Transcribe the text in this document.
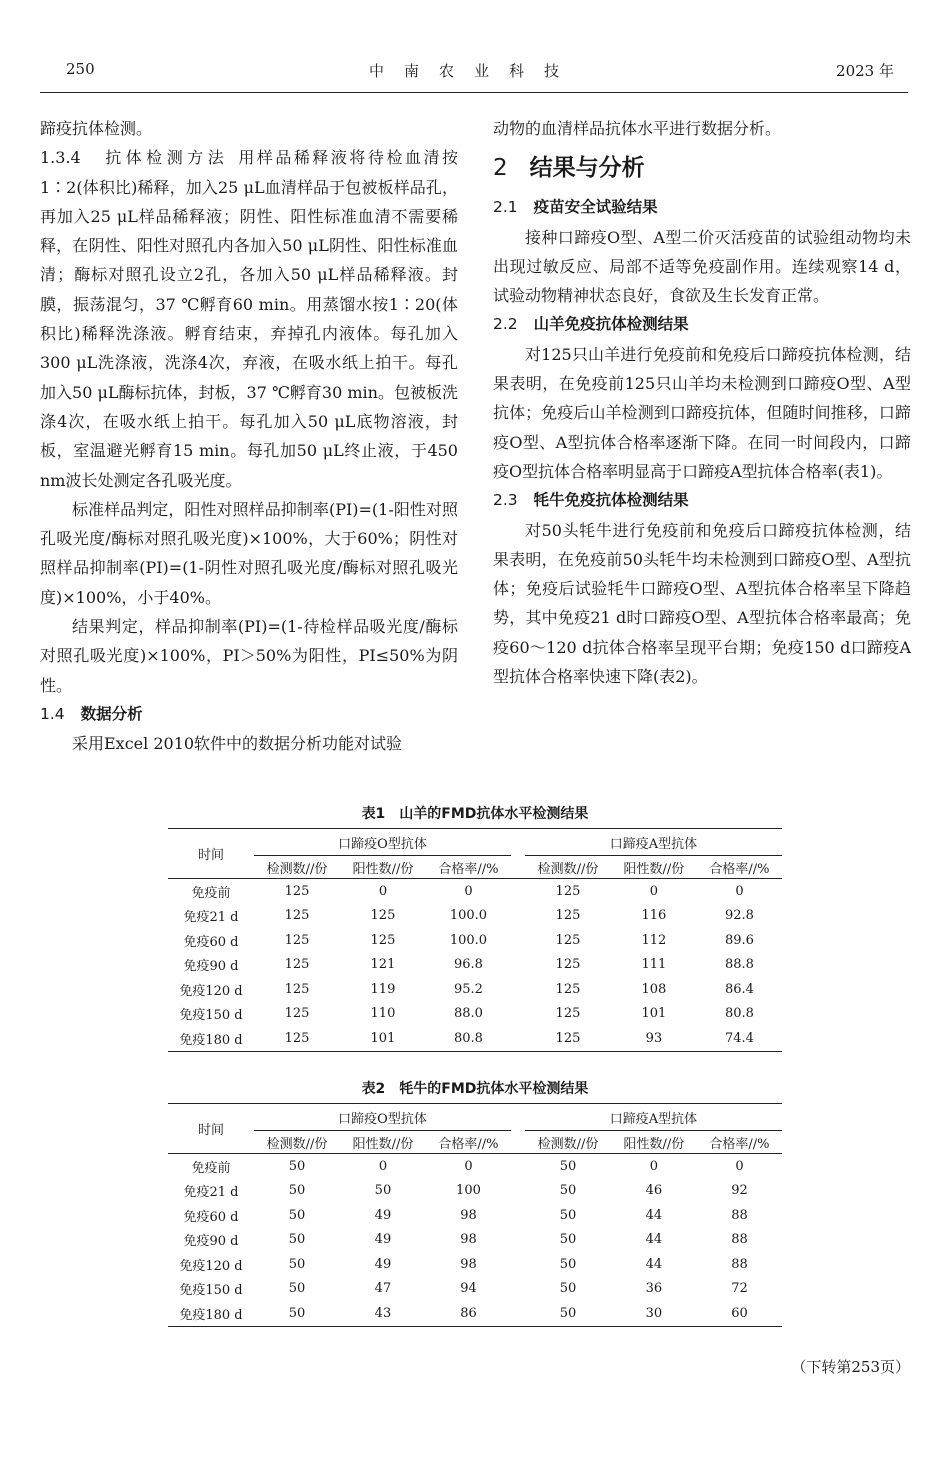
250	中南农业科技	2023 年

蹄疫抗体检测。

1.3.4 抗体检测方法 用样品稀释液将待检血清按1∶2(体积比)稀释，加入25 μL血清样品于包被板样品孔，再加入25 μL样品稀释液；阴性、阳性标准血清不需要稀释，在阴性、阳性对照孔内各加入50 μL阴性、阳性标准血清；酶标对照孔设立2孔，各加入50 μL样品稀释液。封膜，振荡混匀，37 ℃孵育60 min。用蒸馏水按1∶20(体积比)稀释洗涤液。孵育结束，弃掉孔内液体。每孔加入300 μL洗涤液，洗涤4次，弃液，在吸水纸上拍干。每孔加入50 μL酶标抗体，封板，37 ℃孵育30 min。包被板洗涤4次，在吸水纸上拍干。每孔加入50 μL底物溶液，封板，室温避光孵育15 min。每孔加50 μL终止液，于450 nm波长处测定各孔吸光度。

标准样品判定，阳性对照样品抑制率(PI)=(1-阳性对照孔吸光度/酶标对照孔吸光度)×100%，大于60%；阴性对照样品抑制率(PI)=(1-阴性对照孔吸光度/酶标对照孔吸光度)×100%，小于40%。

结果判定，样品抑制率(PI)=(1-待检样品吸光度/酶标对照孔吸光度)×100%，PI＞50%为阳性，PI≤50%为阴性。

1.4 数据分析

采用Excel 2010软件中的数据分析功能对试验

动物的血清样品抗体水平进行数据分析。

2 结果与分析

2.1 疫苗安全试验结果

接种口蹄疫O型、A型二价灭活疫苗的试验组动物均未出现过敏反应、局部不适等免疫副作用。连续观察14 d，试验动物精神状态良好，食欲及生长发育正常。

2.2 山羊免疫抗体检测结果

对125只山羊进行免疫前和免疫后口蹄疫抗体检测，结果表明，在免疫前125只山羊均未检测到口蹄疫O型、A型抗体；免疫后山羊检测到口蹄疫抗体，但随时间推移，口蹄疫O型、A型抗体合格率逐渐下降。在同一时间段内，口蹄疫O型抗体合格率明显高于口蹄疫A型抗体合格率(表1)。

2.3 牦牛免疫抗体检测结果

对50头牦牛进行免疫前和免疫后口蹄疫抗体检测，结果表明，在免疫前50头牦牛均未检测到口蹄疫O型、A型抗体；免疫后试验牦牛口蹄疫O型、A型抗体合格率呈下降趋势，其中免疫21 d时口蹄疫O型、A型抗体合格率最高；免疫60～120 d抗体合格率呈现平台期；免疫150 d口蹄疫A型抗体合格率快速下降(表2)。

表1 山羊的FMD抗体水平检测结果
时间	口蹄疫O型抗体				口蹄疫A型抗体		
	检测数//份	阳性数//份	合格率//%		检测数//份	阳性数//份	合格率//%
免疫前	125	0	0		125	0	0
免疫21 d	125	125	100.0		125	116	92.8
免疫60 d	125	125	100.0		125	112	89.6
免疫90 d	125	121	96.8		125	111	88.8
免疫120 d	125	119	95.2		125	108	86.4
免疫150 d	125	110	88.0		125	101	80.8
免疫180 d	125	101	80.8		125	93	74.4
表2 牦牛的FMD抗体水平检测结果
时间	口蹄疫O型抗体				口蹄疫A型抗体		
	检测数//份	阳性数//份	合格率//%		检测数//份	阳性数//份	合格率//%
免疫前	50	0	0		50	0	0
免疫21 d	50	50	100		50	46	92
免疫60 d	50	49	98		50	44	88
免疫90 d	50	49	98		50	44	88
免疫120 d	50	49	98		50	44	88
免疫150 d	50	47	94		50	36	72
免疫180 d	50	43	86		50	30	60
（下转第253页）
